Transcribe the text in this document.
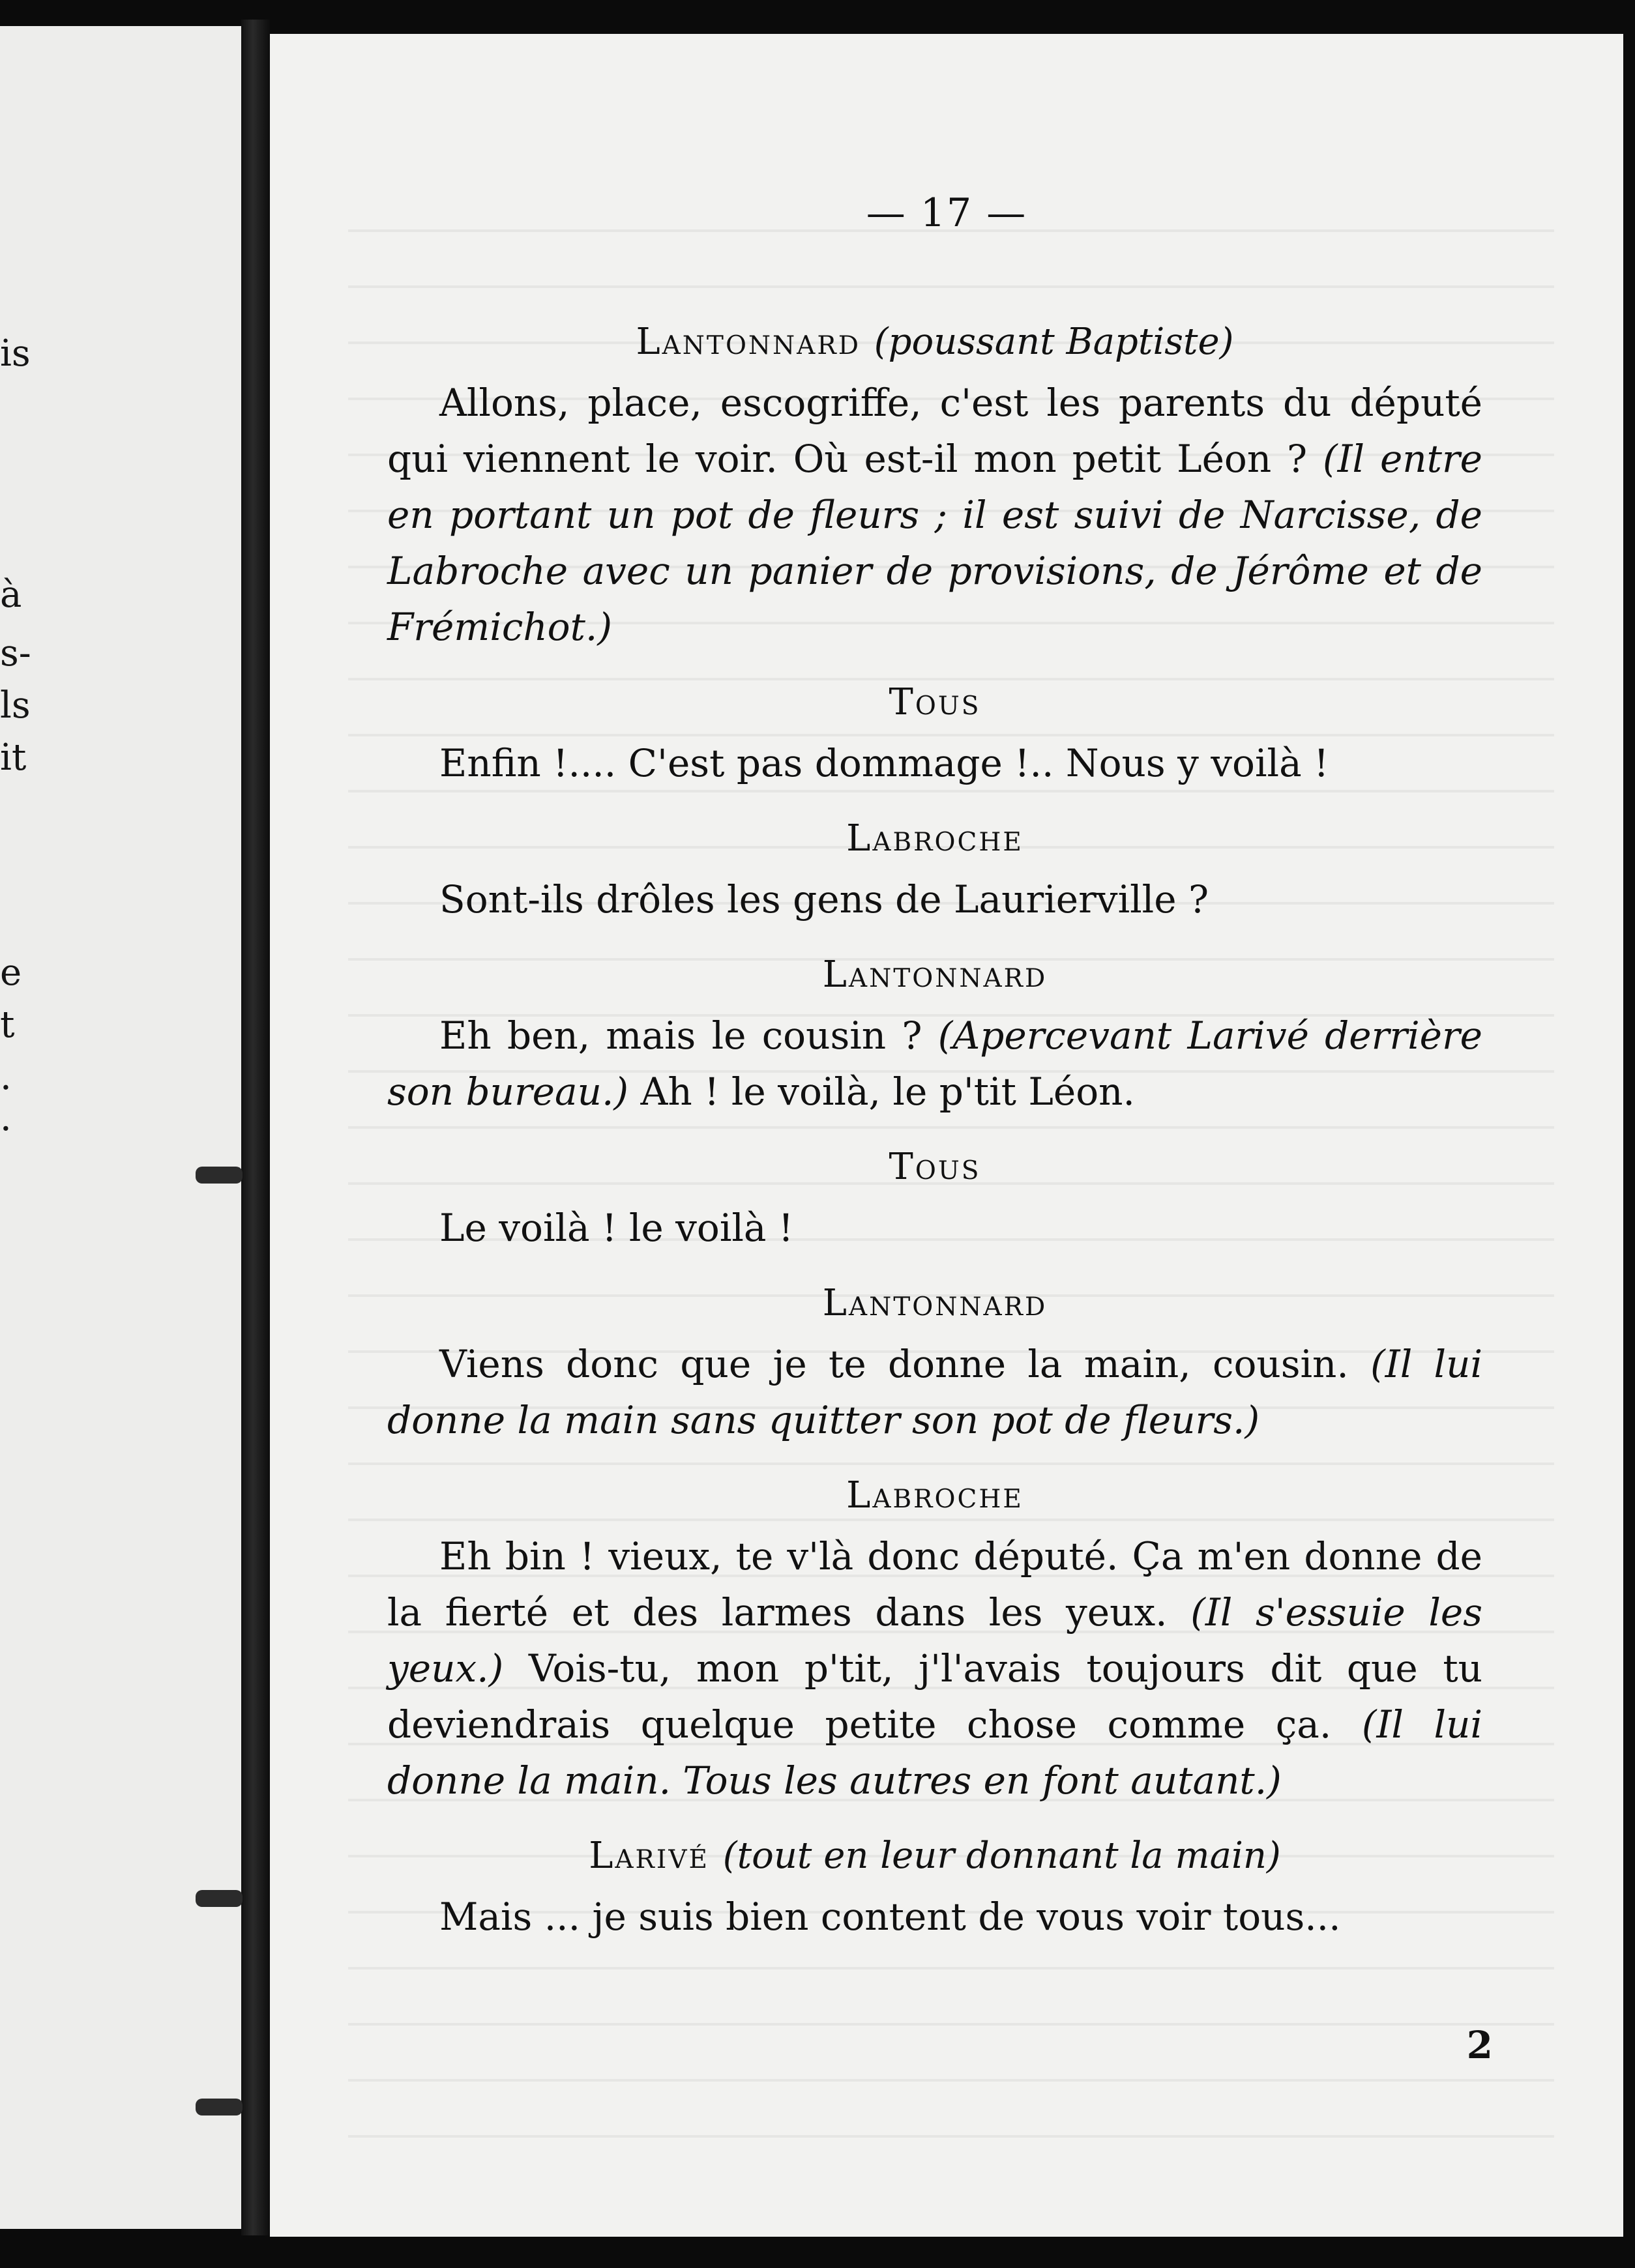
is
à
s-
ls
it
e
t
.
·
— 17 —
Lantonnard (poussant Baptiste)

Allons, place, escogriffe, c'est les parents du député qui viennent le voir. Où est-il mon petit Léon ? (Il entre en portant un pot de fleurs ; il est suivi de Narcisse, de Labroche avec un panier de provisions, de Jérôme et de Frémichot.)

Tous

Enfin !.... C'est pas dommage !.. Nous y voilà !

Labroche

Sont-ils drôles les gens de Laurierville ?

Lantonnard

Eh ben, mais le cousin ? (Apercevant Larivé derrière son bureau.) Ah ! le voilà, le p'tit Léon.

Tous

Le voilà ! le voilà !

Lantonnard

Viens donc que je te donne la main, cousin. (Il lui donne la main sans quitter son pot de fleurs.)

Labroche

Eh bin ! vieux, te v'là donc député. Ça m'en donne de la fierté et des larmes dans les yeux. (Il s'essuie les yeux.) Vois-tu, mon p'tit, j'l'avais toujours dit que tu deviendrais quelque petite chose comme ça. (Il lui donne la main. Tous les autres en font autant.)

Larivé (tout en leur donnant la main)

Mais ... je suis bien content de vous voir tous...

2
